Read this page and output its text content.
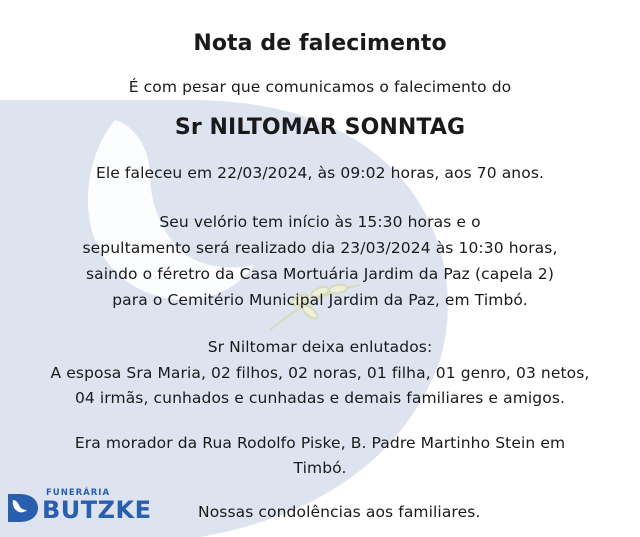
Nota de falecimento
É com pesar que comunicamos o falecimento do
Sr NILTOMAR SONNTAG
Ele faleceu em 22/03/2024, às 09:02 horas, aos 70 anos.
Seu velório tem início às 15:30 horas e o
sepultamento será realizado dia 23/03/2024 às 10:30 horas,
saindo o féretro da Casa Mortuária Jardim da Paz (capela 2)
para o Cemitério Municipal Jardim da Paz, em Timbó.
Sr Niltomar deixa enlutados:
A esposa Sra Maria, 02 filhos, 02 noras, 01 filha, 01 genro, 03 netos,
04 irmãs, cunhados e cunhadas e demais familiares e amigos.
Era morador da Rua Rodolfo Piske, B. Padre Martinho Stein em
Timbó.
Nossas condolências aos familiares.
FUNERÁRIA
BUTZKE
